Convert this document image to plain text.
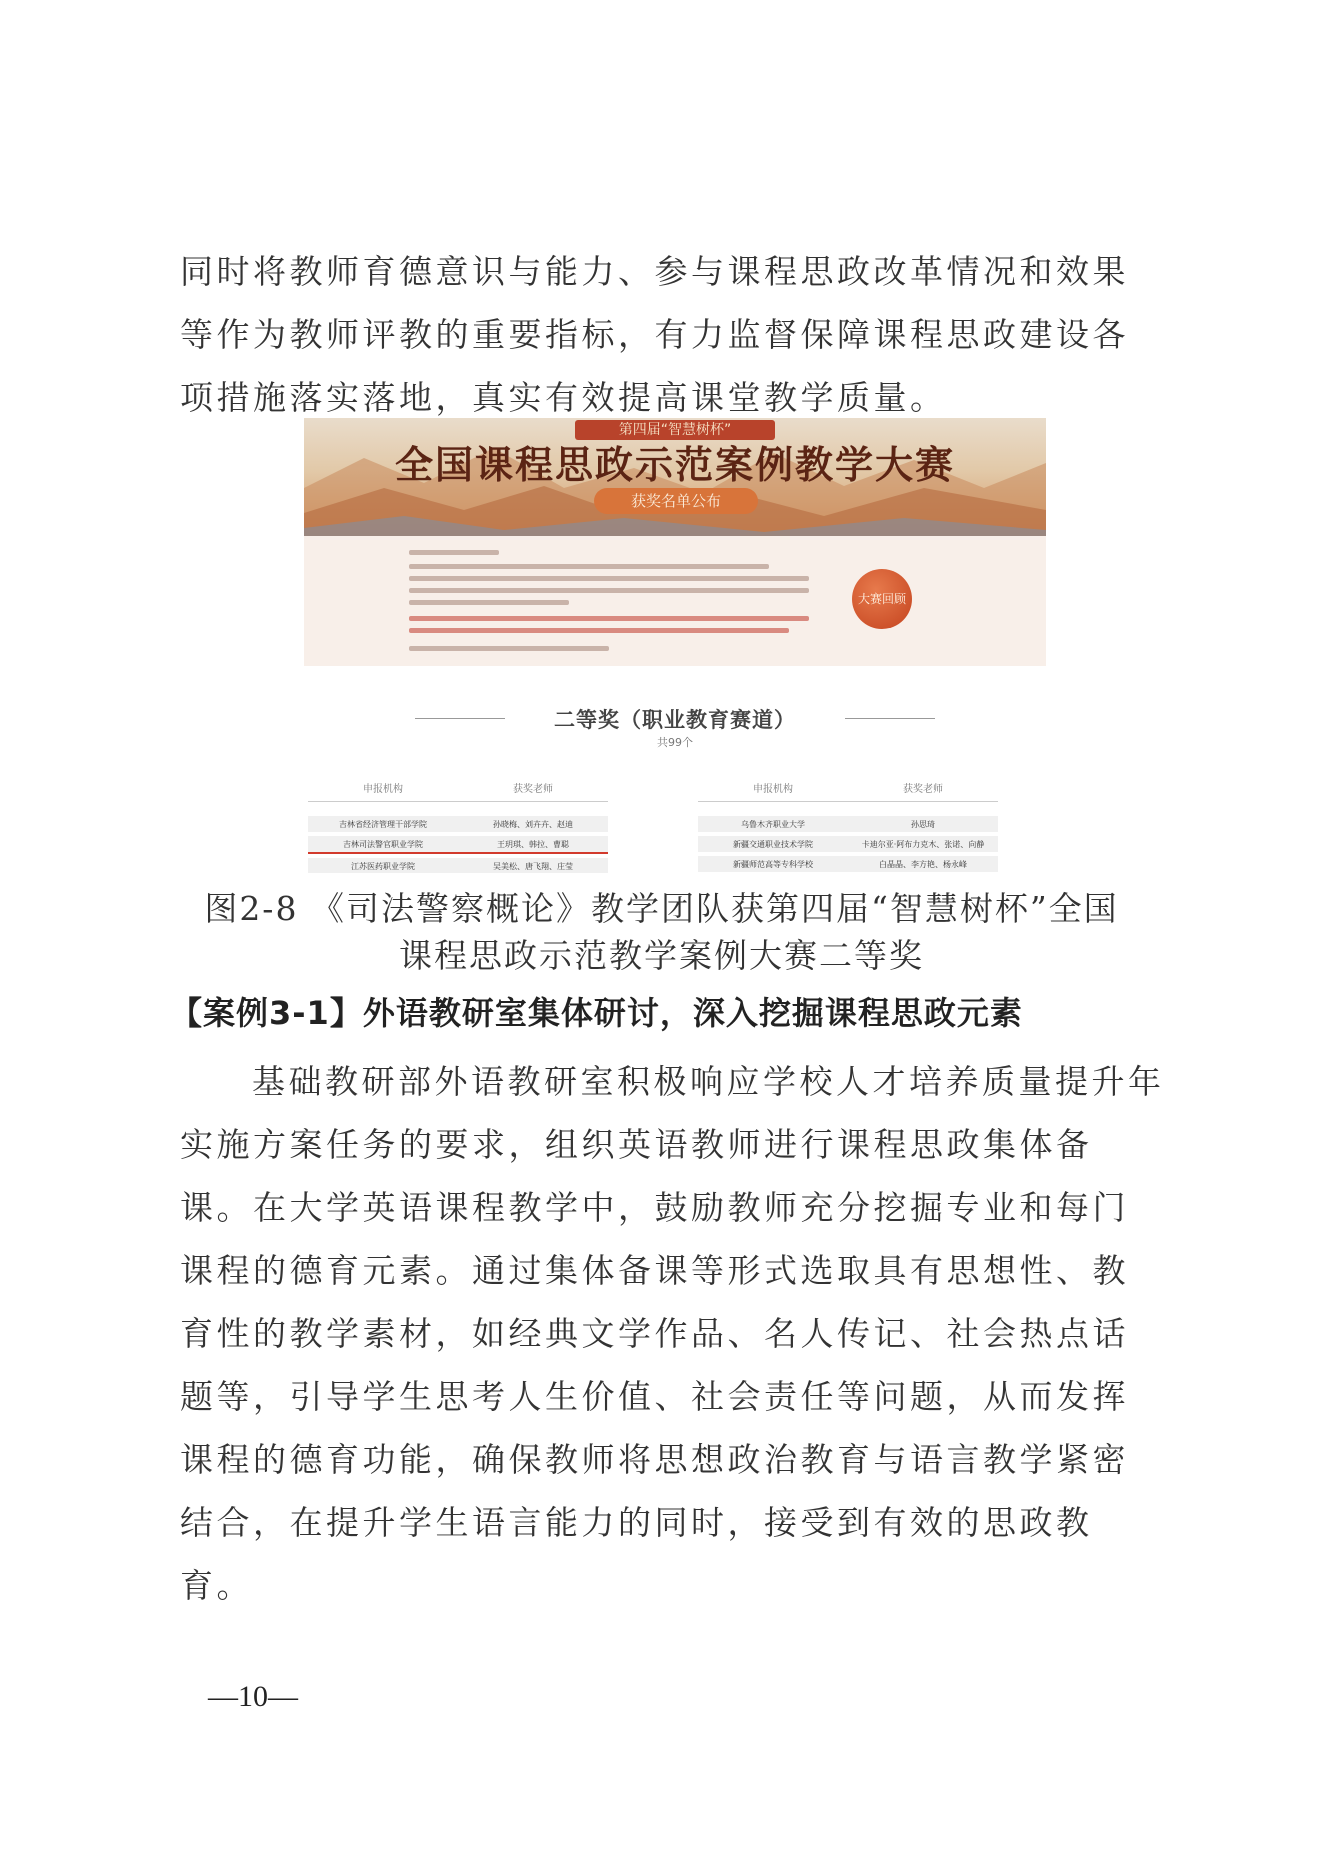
同时将教师育德意识与能力、参与课程思政改革情况和效果等作为教师评教的重要指标，有力监督保障课程思政建设各项措施落实落地，真实有效提高课堂教学质量。

第四届“智慧树杯”
全国课程思政示范案例教学大赛
获奖名单公布
大赛回顾
二等奖（职业教育赛道）
共99个
申报机构	获奖老师
吉林省经济管理干部学院	孙晓梅、刘卉卉、赵迪
吉林司法警官职业学院	王玥琪、韩拉、曹聪
江苏医药职业学院	吴美松、唐飞翔、庄莹
申报机构	获奖老师
乌鲁木齐职业大学	孙思琦
新疆交通职业技术学院	卡迪尔亚·阿布力克木、张诺、向静
新疆师范高等专科学校	白晶晶、李方艳、杨永峰
图2-8 《司法警察概论》教学团队获第四届“智慧树杯”全国
课程思政示范教学案例大赛二等奖

【案例3-1】外语教研室集体研讨，深入挖掘课程思政元素

基础教研部外语教研室积极响应学校人才培养质量提升年实施方案任务的要求，组织英语教师进行课程思政集体备课。在大学英语课程教学中，鼓励教师充分挖掘专业和每门课程的德育元素。通过集体备课等形式选取具有思想性、教育性的教学素材，如经典文学作品、名人传记、社会热点话题等，引导学生思考人生价值、社会责任等问题，从而发挥课程的德育功能，确保教师将思想政治教育与语言教学紧密结合，在提升学生语言能力的同时，接受到有效的思政教育。

—10—
